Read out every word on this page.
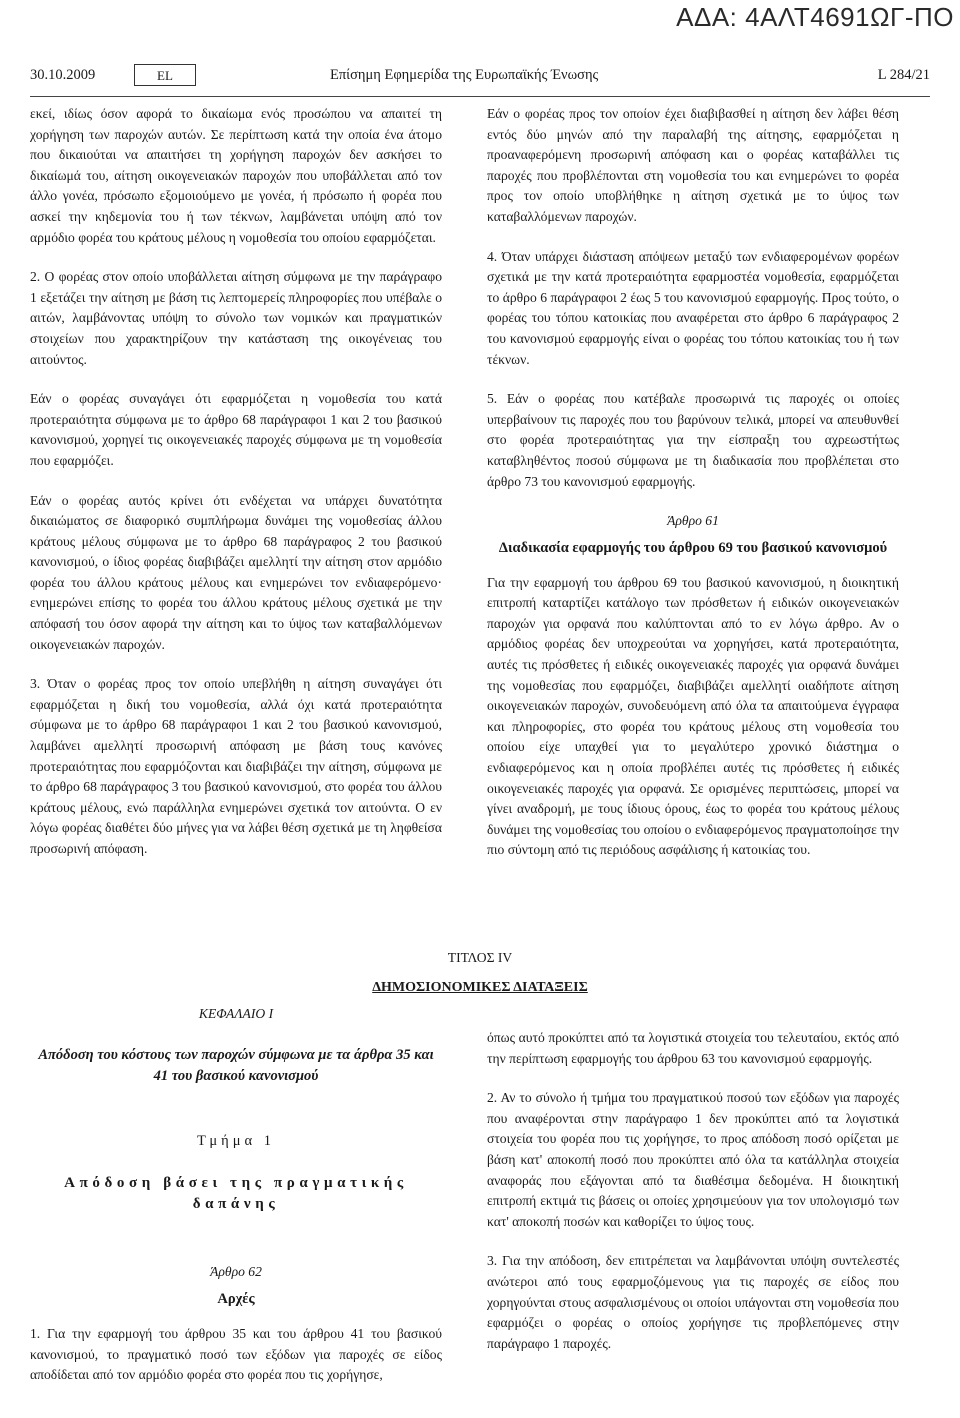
ΑΔΑ: 4ΑΛΤ4691ΩΓ-ΠΟ
30.10.2009	EL	Επίσημη Εφημερίδα της Ευρωπαϊκής Ένωσης	L 284/21

εκεί, ιδίως όσον αφορά το δικαίωμα ενός προσώπου να απαιτεί τη χορήγηση των παροχών αυτών. Σε περίπτωση κατά την οποία ένα άτομο που δικαιούται να απαιτήσει τη χορήγηση παροχών δεν ασκήσει το δικαίωμά του, αίτηση οικογενειακών παροχών που υποβάλλεται από τον άλλο γονέα, πρόσωπο εξομοιούμενο με γονέα, ή πρόσωπο ή φορέα που ασκεί την κηδεμονία του ή των τέκνων, λαμβάνεται υπόψη από τον αρμόδιο φορέα του κράτους μέλους η νομοθεσία του οποίου εφαρμόζεται.

2. Ο φορέας στον οποίο υποβάλλεται αίτηση σύμφωνα με την παράγραφο 1 εξετάζει την αίτηση με βάση τις λεπτομερείς πληροφορίες που υπέβαλε ο αιτών, λαμβάνοντας υπόψη το σύνολο των νομικών και πραγματικών στοιχείων που χαρακτηρίζουν την κατάσταση της οικογένειας του αιτούντος.

Εάν ο φορέας συναγάγει ότι εφαρμόζεται η νομοθεσία του κατά προτεραιότητα σύμφωνα με το άρθρο 68 παράγραφοι 1 και 2 του βασικού κανονισμού, χορηγεί τις οικογενειακές παροχές σύμφωνα με τη νομοθεσία που εφαρμόζει.

Εάν ο φορέας αυτός κρίνει ότι ενδέχεται να υπάρχει δυνατότητα δικαιώματος σε διαφορικό συμπλήρωμα δυνάμει της νομοθεσίας άλλου κράτους μέλους σύμφωνα με το άρθρο 68 παράγραφος 2 του βασικού κανονισμού, ο ίδιος φορέας διαβιβάζει αμελλητί την αίτηση στον αρμόδιο φορέα του άλλου κράτους μέλους και ενημερώνει τον ενδιαφερόμενο· ενημερώνει επίσης το φορέα του άλλου κράτους μέλους σχετικά με την απόφασή του όσον αφορά την αίτηση και το ύψος των καταβαλλόμενων οικογενειακών παροχών.

3. Όταν ο φορέας προς τον οποίο υπεβλήθη η αίτηση συναγάγει ότι εφαρμόζεται η δική του νομοθεσία, αλλά όχι κατά προτεραιότητα σύμφωνα με το άρθρο 68 παράγραφοι 1 και 2 του βασικού κανονισμού, λαμβάνει αμελλητί προσωρινή απόφαση με βάση τους κανόνες προτεραιότητας που εφαρμόζονται και διαβιβάζει την αίτηση, σύμφωνα με το άρθρο 68 παράγραφος 3 του βασικού κανονισμού, στο φορέα του άλλου κράτους μέλους, ενώ παράλληλα ενημερώνει σχετικά τον αιτούντα. Ο εν λόγω φορέας διαθέτει δύο μήνες για να λάβει θέση σχετικά με τη ληφθείσα προσωρινή απόφαση.

Εάν ο φορέας προς τον οποίον έχει διαβιβασθεί η αίτηση δεν λάβει θέση εντός δύο μηνών από την παραλαβή της αίτησης, εφαρμόζεται η προαναφερόμενη προσωρινή απόφαση και ο φορέας καταβάλλει τις παροχές που προβλέπονται στη νομοθεσία του και ενημερώνει το φορέα προς τον οποίο υποβλήθηκε η αίτηση σχετικά με το ύψος των καταβαλλόμενων παροχών.

4. Όταν υπάρχει διάσταση απόψεων μεταξύ των ενδιαφερομένων φορέων σχετικά με την κατά προτεραιότητα εφαρμοστέα νομοθεσία, εφαρμόζεται το άρθρο 6 παράγραφοι 2 έως 5 του κανονισμού εφαρμογής. Προς τούτο, ο φορέας του τόπου κατοικίας που αναφέρεται στο άρθρο 6 παράγραφος 2 του κανονισμού εφαρμογής είναι ο φορέας του τόπου κατοικίας του ή των τέκνων.

5. Εάν ο φορέας που κατέβαλε προσωρινά τις παροχές οι οποίες υπερβαίνουν τις παροχές που του βαρύνουν τελικά, μπορεί να απευθυνθεί στο φορέα προτεραιότητας για την είσπραξη του αχρεωστήτως καταβληθέντος ποσού σύμφωνα με τη διαδικασία που προβλέπεται στο άρθρο 73 του κανονισμού εφαρμογής.

Άρθρο 61
Διαδικασία εφαρμογής του άρθρου 69 του βασικού κανονισμού

Για την εφαρμογή του άρθρου 69 του βασικού κανονισμού, η διοικητική επιτροπή καταρτίζει κατάλογο των πρόσθετων ή ειδικών οικογενειακών παροχών για ορφανά που καλύπτονται από το εν λόγω άρθρο. Αν ο αρμόδιος φορέας δεν υποχρεούται να χορηγήσει, κατά προτεραιότητα, αυτές τις πρόσθετες ή ειδικές οικογενειακές παροχές για ορφανά δυνάμει της νομοθεσίας που εφαρμόζει, διαβιβάζει αμελλητί οιαδήποτε αίτηση οικογενειακών παροχών, συνοδευόμενη από όλα τα απαιτούμενα έγγραφα και πληροφορίες, στο φορέα του κράτους μέλους στη νομοθεσία του οποίου είχε υπαχθεί για το μεγαλύτερο χρονικό διάστημα ο ενδιαφερόμενος και η οποία προβλέπει αυτές τις πρόσθετες ή ειδικές οικογενειακές παροχές για ορφανά. Σε ορισμένες περιπτώσεις, μπορεί να γίνει αναδρομή, με τους ίδιους όρους, έως το φορέα του κράτους μέλους δυνάμει της νομοθεσίας του οποίου ο ενδιαφερόμενος πραγματοποίησε την πιο σύντομη από τις περιόδους ασφάλισης ή κατοικίας του.

ΤΙΤΛΟΣ IV
ΔΗΜΟΣΙΟΝΟΜΙΚΕΣ ΔΙΑΤΑΞΕΙΣ
ΚΕΦΑΛΑΙΟ I
Απόδοση του κόστους των παροχών σύμφωνα με τα άρθρα 35 και 41 του βασικού κανονισμού
Τμήμα 1
Απόδοση βάσει της πραγματικής δαπάνης
Άρθρο 62
Αρχές

1. Για την εφαρμογή του άρθρου 35 και του άρθρου 41 του βασικού κανονισμού, το πραγματικό ποσό των εξόδων για παροχές σε είδος αποδίδεται από τον αρμόδιο φορέα στο φορέα που τις χορήγησε,

όπως αυτό προκύπτει από τα λογιστικά στοιχεία του τελευταίου, εκτός από την περίπτωση εφαρμογής του άρθρου 63 του κανονισμού εφαρμογής.

2. Αν το σύνολο ή τμήμα του πραγματικού ποσού των εξόδων για παροχές που αναφέρονται στην παράγραφο 1 δεν προκύπτει από τα λογιστικά στοιχεία του φορέα που τις χορήγησε, το προς απόδοση ποσό ορίζεται με βάση κατ' αποκοπή ποσό που προκύπτει από όλα τα κατάλληλα στοιχεία αναφοράς που εξάγονται από τα διαθέσιμα δεδομένα. Η διοικητική επιτροπή εκτιμά τις βάσεις οι οποίες χρησιμεύουν για τον υπολογισμό των κατ' αποκοπή ποσών και καθορίζει το ύψος τους.

3. Για την απόδοση, δεν επιτρέπεται να λαμβάνονται υπόψη συντελεστές ανώτεροι από τους εφαρμοζόμενους για τις παροχές σε είδος που χορηγούνται στους ασφαλισμένους οι οποίοι υπάγονται στη νομοθεσία που εφαρμόζει ο φορέας ο οποίος χορήγησε τις προβλεπόμενες στην παράγραφο 1 παροχές.
